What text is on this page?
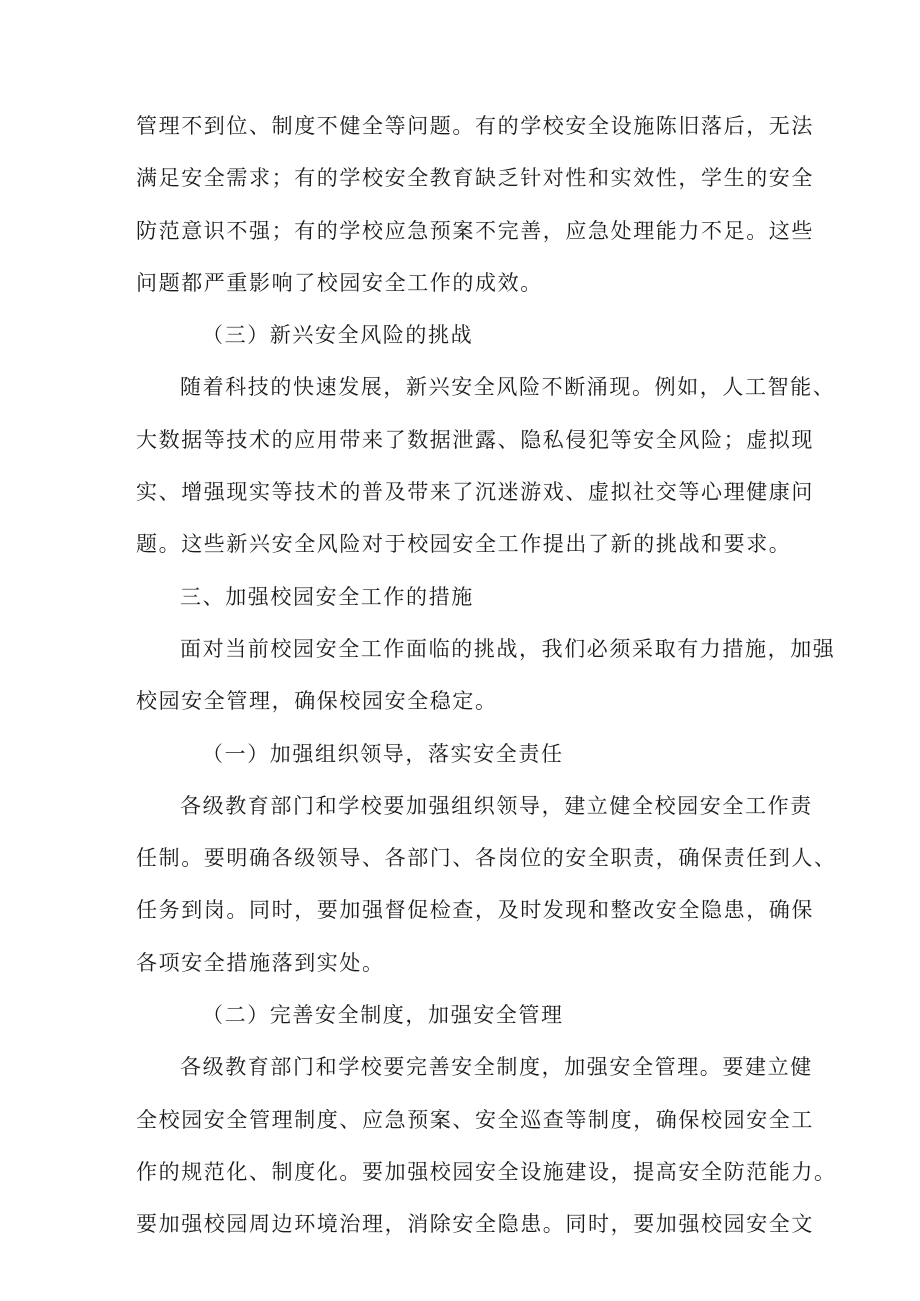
管理不到位、制度不健全等问题。有的学校安全设施陈旧落后，无法
满足安全需求；有的学校安全教育缺乏针对性和实效性，学生的安全
防范意识不强；有的学校应急预案不完善，应急处理能力不足。这些
问题都严重影响了校园安全工作的成效。
（三）新兴安全风险的挑战
随着科技的快速发展，新兴安全风险不断涌现。例如，人工智能、
大数据等技术的应用带来了数据泄露、隐私侵犯等安全风险；虚拟现
实、增强现实等技术的普及带来了沉迷游戏、虚拟社交等心理健康问
题。这些新兴安全风险对于校园安全工作提出了新的挑战和要求。
三、加强校园安全工作的措施
面对当前校园安全工作面临的挑战，我们必须采取有力措施，加强
校园安全管理，确保校园安全稳定。
（一）加强组织领导，落实安全责任
各级教育部门和学校要加强组织领导，建立健全校园安全工作责
任制。要明确各级领导、各部门、各岗位的安全职责，确保责任到人、
任务到岗。同时，要加强督促检查，及时发现和整改安全隐患，确保
各项安全措施落到实处。
（二）完善安全制度，加强安全管理
各级教育部门和学校要完善安全制度，加强安全管理。要建立健
全校园安全管理制度、应急预案、安全巡查等制度，确保校园安全工
作的规范化、制度化。要加强校园安全设施建设，提高安全防范能力。
要加强校园周边环境治理，消除安全隐患。同时，要加强校园安全文
